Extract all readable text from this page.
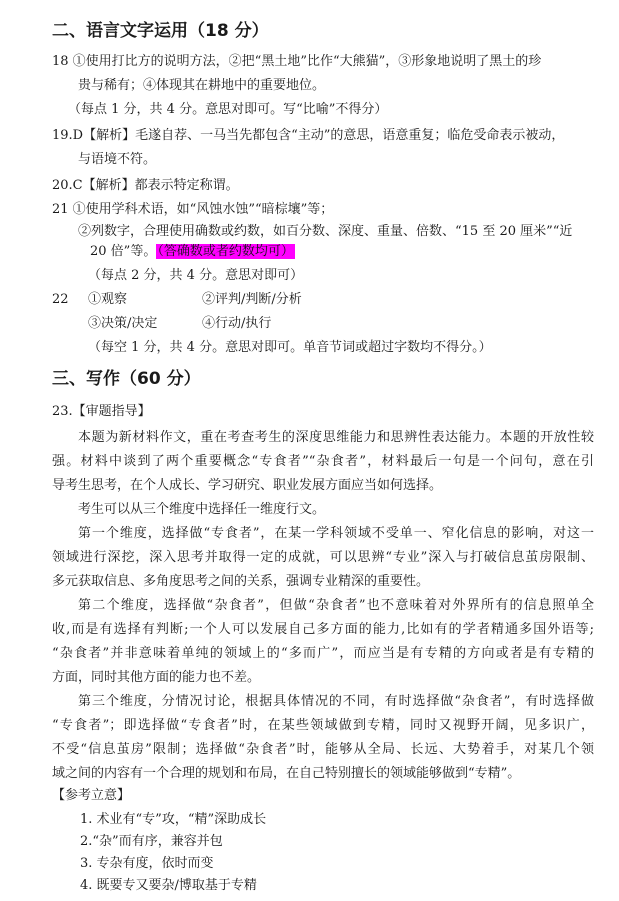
二、语言文字运用（18 分）
18 ①使用打比方的说明方法，②把“黑土地”比作“大熊猫”，③形象地说明了黑土的珍
贵与稀有；④体现其在耕地中的重要地位。
（每点 1 分，共 4 分。意思对即可。写“比喻”不得分）
19.D【解析】毛遂自荐、一马当先都包含“主动”的意思，语意重复；临危受命表示被动，
与语境不符。
20.C【解析】都表示特定称谓。
21 ①使用学科术语，如“风蚀水蚀”“暗棕壤”等；
②列数字，合理使用确数或约数，如百分数、深度、重量、倍数、“15 至 20 厘米”“近
20 倍”等。（答确数或者约数均可）
（每点 2 分，共 4 分。意思对即可）
22 ①观察	②评判/判断/分析
③决策/决定	④行动/执行
（每空 1 分，共 4 分。意思对即可。单音节词或超过字数均不得分。）
三、写作（60 分）
23.【审题指导】
本题为新材料作文，重在考查考生的深度思维能力和思辨性表达能力。本题的开放性较
强。材料中谈到了两个重要概念“专食者”“杂食者”，材料最后一句是一个问句，意在引
导考生思考，在个人成长、学习研究、职业发展方面应当如何选择。
考生可以从三个维度中选择任一维度行文。
第一个维度，选择做“专食者”，在某一学科领域不受单一、窄化信息的影响，对这一
领域进行深挖，深入思考并取得一定的成就，可以思辨“专业”深入与打破信息茧房限制、
多元获取信息、多角度思考之间的关系，强调专业精深的重要性。
第二个维度，选择做“杂食者”，但做“杂食者”也不意味着对外界所有的信息照单全
收,而是有选择有判断;一个人可以发展自己多方面的能力,比如有的学者精通多国外语等;
“杂食者”并非意味着单纯的领域上的“多而广”，而应当是有专精的方向或者是有专精的
方面，同时其他方面的能力也不差。
第三个维度，分情况讨论，根据具体情况的不同，有时选择做“杂食者”，有时选择做
“专食者”；即选择做“专食者”时，在某些领域做到专精，同时又视野开阔，见多识广，
不受“信息茧房”限制；选择做“杂食者”时，能够从全局、长远、大势着手，对某几个领
域之间的内容有一个合理的规划和布局，在自己特别擅长的领域能够做到“专精”。
【参考立意】
1. 术业有“专”攻，“精”深助成长
2.“杂”而有序，兼容并包
3. 专杂有度，依时而变
4. 既要专又要杂/博取基于专精
